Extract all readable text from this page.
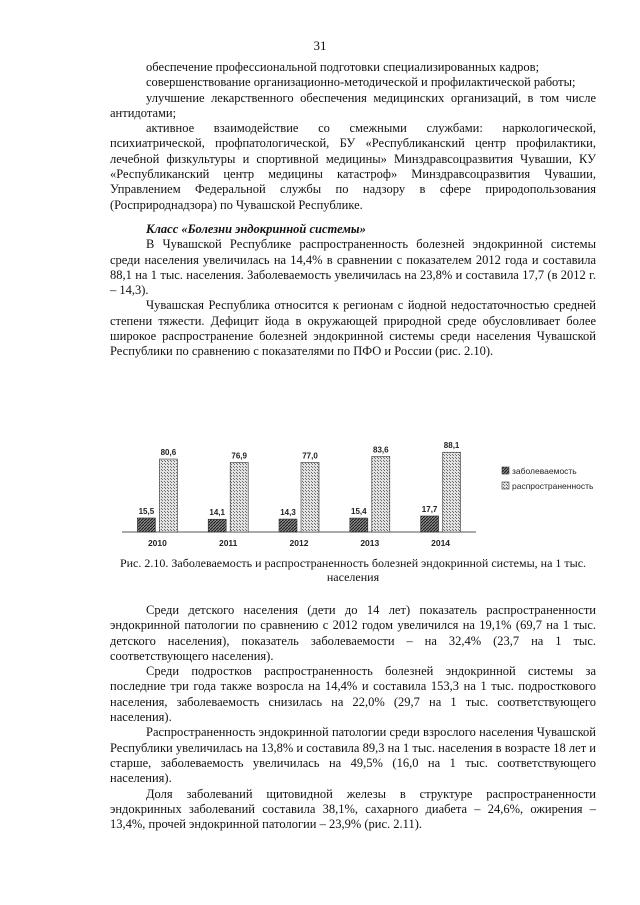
31

обеспечение профессиональной подготовки специализированных кадров;

совершенствование организационно-методической и профилактической работы;

улучшение лекарственного обеспечения медицинских организаций, в том числе антидотами;

активное взаимодействие со смежными службами: наркологической, психиатрической, профпатологической, БУ «Республиканский центр профилактики, лечебной физкультуры и спортивной медицины» Минздравсоцразвития Чувашии, КУ «Республиканский центр медицины катастроф» Минздравсоцразвития Чувашии, Управлением Федеральной службы по надзору в сфере природопользования (Росприроднадзора) по Чувашской Республике.

Класс «Болезни эндокринной системы»

В Чувашской Республике распространенность болезней эндокринной системы среди населения увеличилась на 14,4% в сравнении с показателем 2012 года и составила 88,1 на 1 тыс. населения. Заболеваемость увеличилась на 23,8% и составила 17,7 (в 2012 г. – 14,3).

Чувашская Республика относится к регионам с йодной недостаточностью средней степени тяжести. Дефицит йода в окружающей природной среде обусловливает более широкое распространение болезней эндокринной системы среди населения Чувашской Республики по сравнению с показателями по ПФО и России (рис. 2.10).

15,5
80,6
2010
14,1
76,9
2011
14,3
77,0
2012
15,4
83,6
2013
17,7
88,1
2014
заболеваемость
распространенность
Рис. 2.10. Заболеваемость и распространенность болезней эндокринной системы, на 1 тыс. населения

Среди детского населения (дети до 14 лет) показатель распространенности эндокринной патологии по сравнению с 2012 годом увеличился на 19,1% (69,7 на 1 тыс. детского населения), показатель заболеваемости – на 32,4% (23,7 на 1 тыс. соответствующего населения).

Среди подростков распространенность болезней эндокринной системы за последние три года также возросла на 14,4% и составила 153,3 на 1 тыс. подросткового населения, заболеваемость снизилась на 22,0% (29,7 на 1 тыс. соответствующего населения).

Распространенность эндокринной патологии среди взрослого населения Чувашской Республики увеличилась на 13,8% и составила 89,3 на 1 тыс. населения в возрасте 18 лет и старше, заболеваемость увеличилась на 49,5% (16,0 на 1 тыс. соответствующего населения).

Доля заболеваний щитовидной железы в структуре распространенности эндокринных заболеваний составила 38,1%, сахарного диабета – 24,6%, ожирения – 13,4%, прочей эндокринной патологии – 23,9% (рис. 2.11).
